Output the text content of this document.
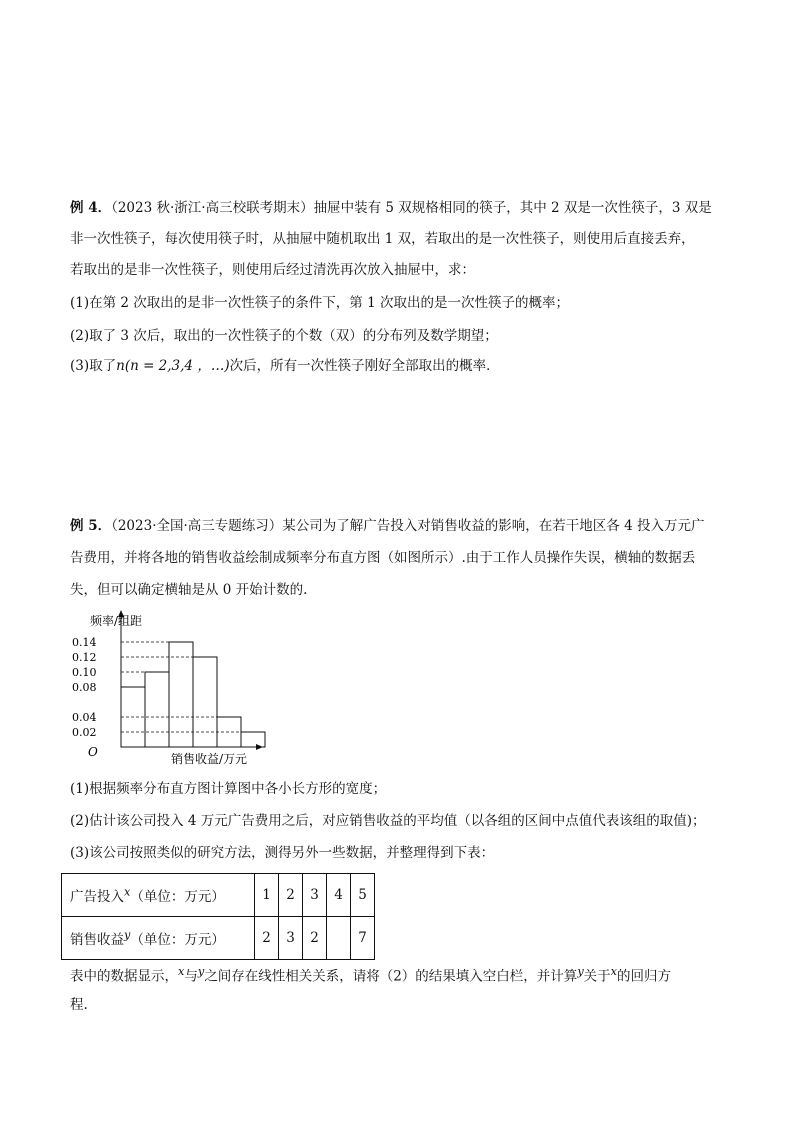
例 4．（2023 秋·浙江·高三校联考期末）抽屉中装有 5 双规格相同的筷子，其中 2 双是一次性筷子，3 双是
非一次性筷子，每次使用筷子时，从抽屉中随机取出 1 双，若取出的是一次性筷子，则使用后直接丢弃，
若取出的是非一次性筷子，则使用后经过清洗再次放入抽屉中，求：
(1)在第 2 次取出的是非一次性筷子的条件下，第 1 次取出的是一次性筷子的概率；
(2)取了 3 次后，取出的一次性筷子的个数（双）的分布列及数学期望；
(3)取了n(n = 2,3,4 ，…)次后，所有一次性筷子刚好全部取出的概率．
例 5．（2023·全国·高三专题练习）某公司为了解广告投入对销售收益的影响，在若干地区各 4 投入万元广
告费用，并将各地的销售收益绘制成频率分布直方图（如图所示）.由于工作人员操作失误，横轴的数据丢
失，但可以确定横轴是从 0 开始计数的.
0.14
0.12
0.10
0.08
0.04
0.02
频率/组距
销售收益/万元
O
(1)根据频率分布直方图计算图中各小长方形的宽度；
(2)估计该公司投入 4 万元广告费用之后，对应销售收益的平均值（以各组的区间中点值代表该组的取值)；
(3)该公司按照类似的研究方法，测得另外一些数据，并整理得到下表：
广告投入$^x$（单位：万元）	1	2	3	4	5
销售收益$^y$（单位：万元）	2	3	2		7
表中的数据显示，$^x$与$^y$之间存在线性相关关系，请将（2）的结果填入空白栏，并计算$^y$关于$^x$的回归方
程.
